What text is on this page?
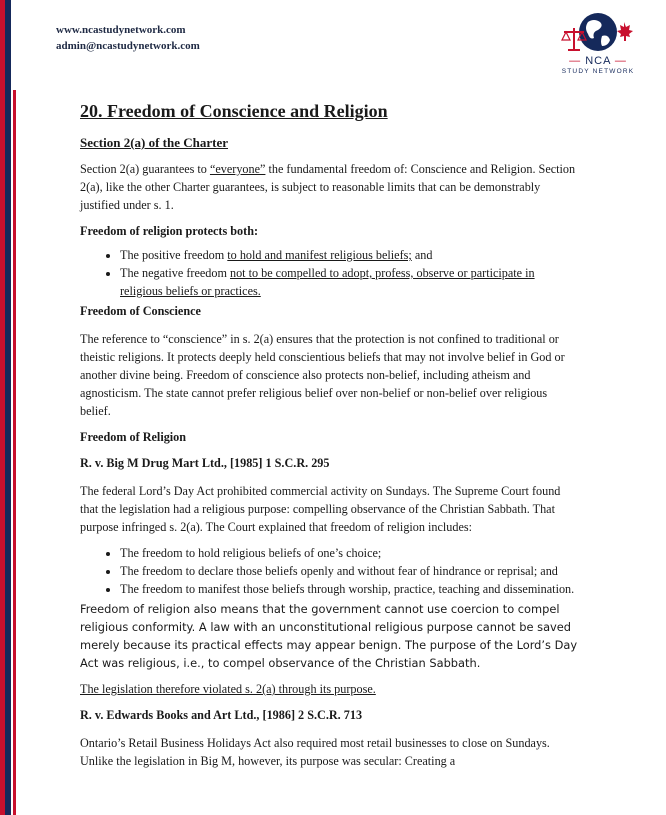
www.ncastudynetwork.com
admin@ncastudynetwork.com
— NCA —
STUDY NETWORK
20. Freedom of Conscience and Religion
Section 2(a) of the Charter

Section 2(a) guarantees to “everyone” the fundamental freedom of: Conscience and Religion. Section 2(a), like the other Charter guarantees, is subject to reasonable limits that can be demonstrably justified under s. 1.

Freedom of religion protects both:
• The positive freedom to hold and manifest religious beliefs; and
• The negative freedom not to be compelled to adopt, profess, observe or participate in religious beliefs or practices.
Freedom of Conscience

The reference to “conscience” in s. 2(a) ensures that the protection is not confined to traditional or theistic religions. It protects deeply held conscientious beliefs that may not involve belief in God or another divine being. Freedom of conscience also protects non-belief, including atheism and agnosticism. The state cannot prefer religious belief over non-belief or non-belief over religious belief.

Freedom of Religion
R. v. Big M Drug Mart Ltd., [1985] 1 S.C.R. 295

The federal Lord’s Day Act prohibited commercial activity on Sundays. The Supreme Court found that the legislation had a religious purpose: compelling observance of the Christian Sabbath. That purpose infringed s. 2(a). The Court explained that freedom of religion includes:

• The freedom to hold religious beliefs of one’s choice;
• The freedom to declare those beliefs openly and without fear of hindrance or reprisal; and
• The freedom to manifest those beliefs through worship, practice, teaching and dissemination.

Freedom of religion also means that the government cannot use coercion to compel religious conformity. A law with an unconstitutional religious purpose cannot be saved merely because its practical effects may appear benign. The purpose of the Lord’s Day Act was religious, i.e., to compel observance of the Christian Sabbath.

The legislation therefore violated s. 2(a) through its purpose.

R. v. Edwards Books and Art Ltd., [1986] 2 S.C.R. 713

Ontario’s Retail Business Holidays Act also required most retail businesses to close on Sundays. Unlike the legislation in Big M, however, its purpose was secular: Creating a
